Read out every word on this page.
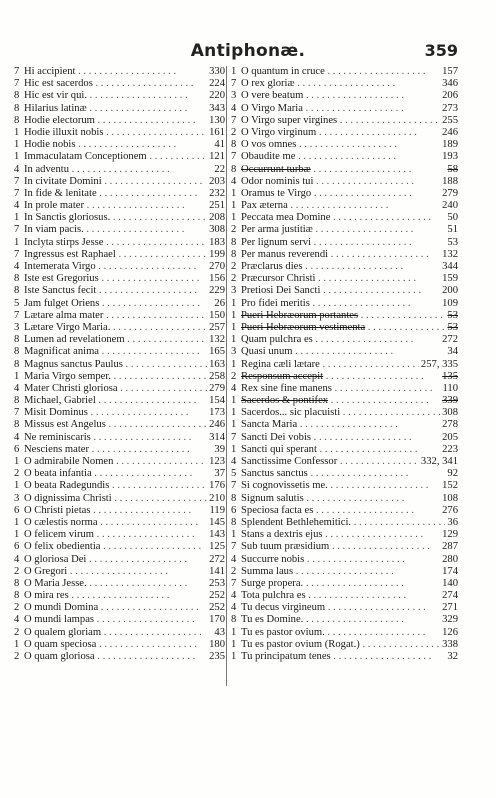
Antiphonæ.	359
7 Hi accipient . .	330
7 Hic est sacerdos . .	224
8 Hic est vir qui. . .	220
8 Hilarius latinæ . .	343
8 Hodie electorum . .	130
1 Hodie illuxit nobis . .	161
1 Hodie nobis . .	41
1 Immaculatam Conceptionem . .	121
4 In adventu . .	22
7 In civitate Domini . .	203
7 In fide & lenitate . .	232
4 In prole mater . .	251
1 In Sanctis gloriosus. . .	208
7 In viam pacis. . .	308
1 Inclyta stirps Jesse . .	183
7 Ingressus est Raphael . .	199
4 Intemerata Virgo . .	270
8 Iste est Gregorius . .	156
8 Iste Sanctus fecit . .	229
5 Jam fulget Oriens . .	26
7 Lætare alma mater . .	150
3 Lætare Virgo Maria. . .	257
8 Lumen ad revelationem . .	132
8 Magnificat anima . .	165
8 Magnus sanctus Paulus . .	163
1 Maria Virgo semper. . .	258
4 Mater Christi gloriosa . .	279
8 Michael, Gabriel . .	154
7 Misit Dominus . .	173
8 Missus est Angelus . .	246
4 Ne reminiscaris . .	314
6 Nesciens mater . .	39
1 O admirabile Nomen . .	123
2 O beata infantia . .	37
1 O beata Radegundis . .	176
3 O dignissima Christi . .	210
6 O Christi pietas . .	119
1 O cælestis norma . .	145
1 O felicem virum . .	143
6 O felix obedientia . .	125
4 O gloriosa Dei . .	272
2 O Gregori . .	141
8 O Maria Jesse. . .	253
8 O mira res . .	252
2 O mundi Domina . .	252
4 O mundi lampas . .	170
2 O qualem gloriam . .	43
1 O quam speciosa . .	180
2 O quam gloriosa . .	235
1 O quantum in cruce . .	157
7 O rex gloriæ . .	346
3 O vere beatum . .	206
4 O Virgo Maria . .	273
7 O Virgo super virgines . .	255
2 O Virgo virginum . .	246
8 O vos omnes . .	189
7 Obaudite me . .	193
8 Occurrunt turbæ . .	58
4 Odor nominis tui . .	188
1 Oramus te Virgo . .	279
1 Pax æterna . .	240
1 Peccata mea Domine . .	50
2 Per arma justitiæ . .	51
8 Per lignum servi . .	53
8 Per manus reverendi . .	132
2 Præclarus dies . .	344
2 Præcursor Christi . .	159
3 Pretiosi Dei Sancti . .	200
1 Pro fidei meritis . .	109
1 Pueri Hebræorum portantes . .	53
1 Pueri Hebræorum vestimenta . .	53
1 Quam pulchra es . .	272
3 Quasi unum . .	34
1 Regina cæli lætare . .	257, 335
2 Responsum accepit . .	135
4 Rex sine fine manens . .	110
1 Sacerdos & pontifex . .	339
1 Sacerdos... sic placuisti . .	308
1 Sancta Maria . .	278
7 Sancti Dei vobis . .	205
1 Sancti qui sperant . .	223
4 Sanctissime Confessor . .	332, 341
5 Sanctus sanctus . .	92
7 Si cognovissetis me. . .	152
8 Signum salutis . .	108
6 Speciosa facta es . .	276
8 Splendent Bethlehemitici. . .	36
1 Stans a dextris ejus . .	129
7 Sub tuum præsidium . .	287
4 Succurre nobis . .	280
2 Summa laus . .	174
7 Surge propera. . .	140
4 Tota pulchra es . .	274
4 Tu decus virgineum . .	271
8 Tu es Domine. . .	329
1 Tu es pastor ovium. . .	126
1 Tu es pastor ovium (Rogat.) . .	338
1 Tu principatum tenes . .	32
